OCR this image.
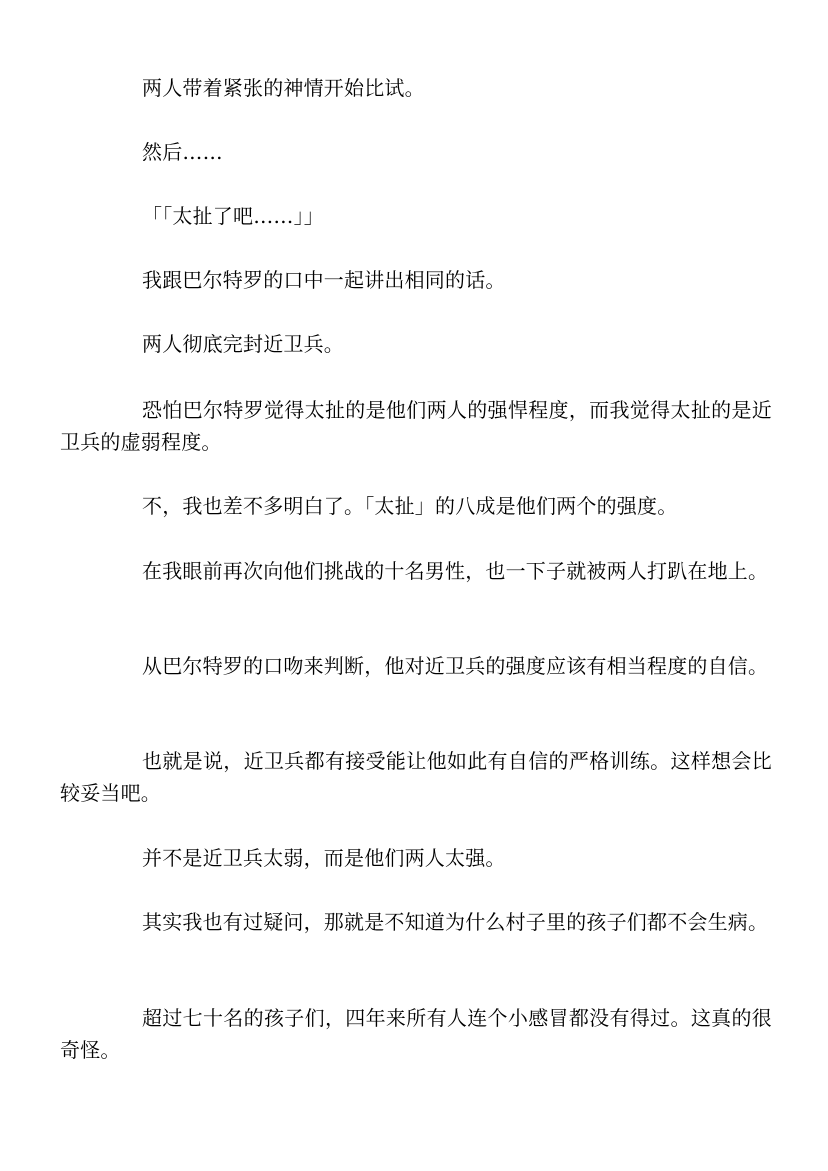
两人带着紧张的神情开始比试。

然后……

「「太扯了吧……」」

我跟巴尔特罗的口中一起讲出相同的话。

两人彻底完封近卫兵。

恐怕巴尔特罗觉得太扯的是他们两人的强悍程度，而我觉得太扯的是近卫兵的虚弱程度。

不，我也差不多明白了。「太扯」的八成是他们两个的强度。

在我眼前再次向他们挑战的十名男性，也一下子就被两人打趴在地上。

从巴尔特罗的口吻来判断，他对近卫兵的强度应该有相当程度的自信。

也就是说，近卫兵都有接受能让他如此有自信的严格训练。这样想会比较妥当吧。

并不是近卫兵太弱，而是他们两人太强。

其实我也有过疑问，那就是不知道为什么村子里的孩子们都不会生病。

超过七十名的孩子们，四年来所有人连个小感冒都没有得过。这真的很奇怪。
